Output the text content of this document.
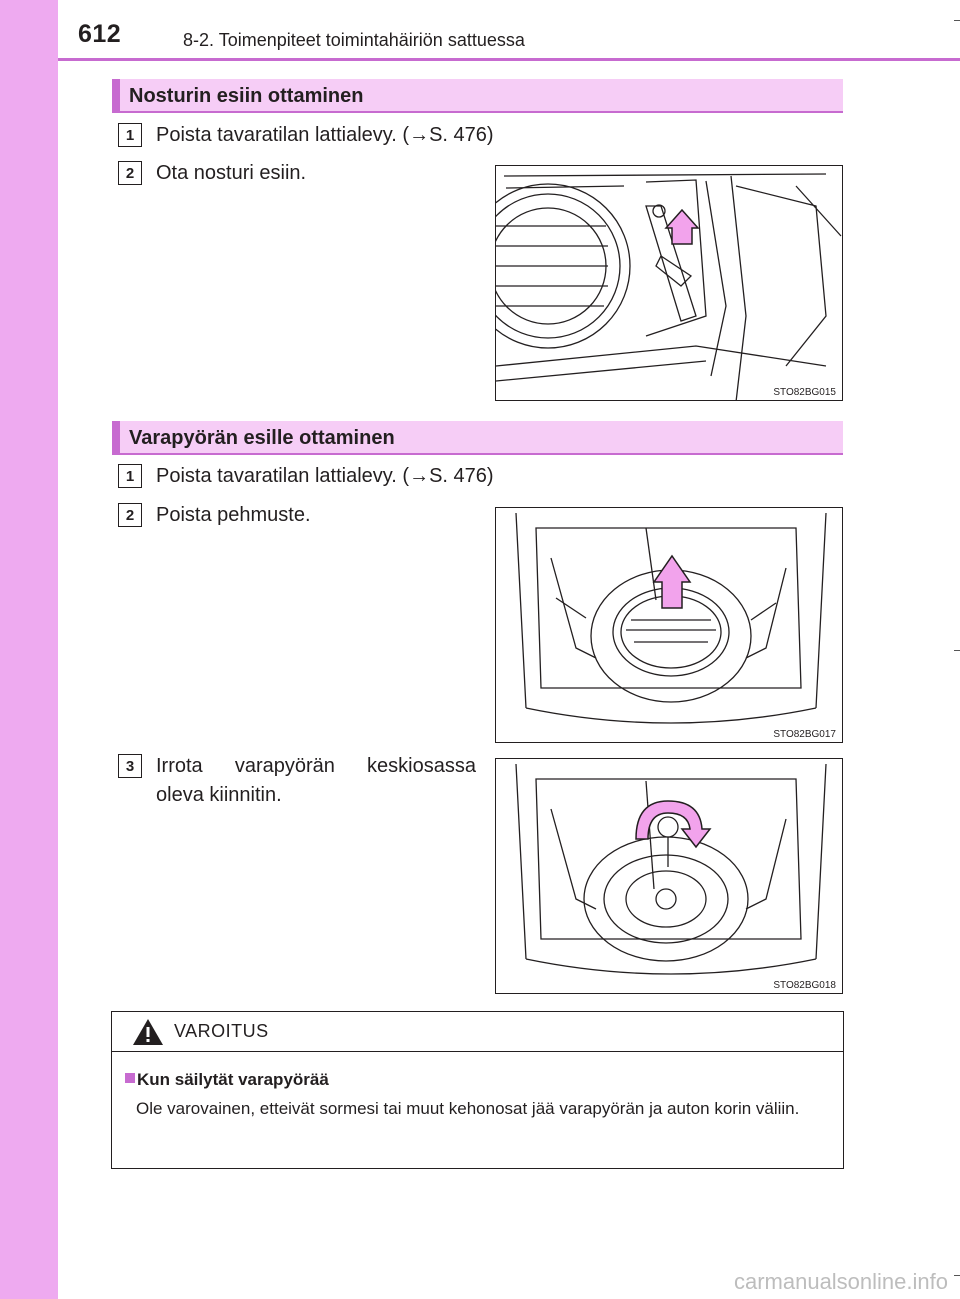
612	8-2. Toimenpiteet toimintahäiriön sattuessa
Nosturin esiin ottaminen
1	Poista tavaratilan lattialevy. (→S. 476)
2	Ota nosturi esiin.
STO82BG015
Varapyörän esille ottaminen
1	Poista tavaratilan lattialevy. (→S. 476)
2	Poista pehmuste.
STO82BG017
3	Irrota varapyörän keskiosassa oleva kiinnitin.
STO82BG018
VAROITUS
Kun säilytät varapyörää
Ole varovainen, etteivät sormesi tai muut kehonosat jää varapyörän ja auton korin väliin.
carmanualsonline.info
